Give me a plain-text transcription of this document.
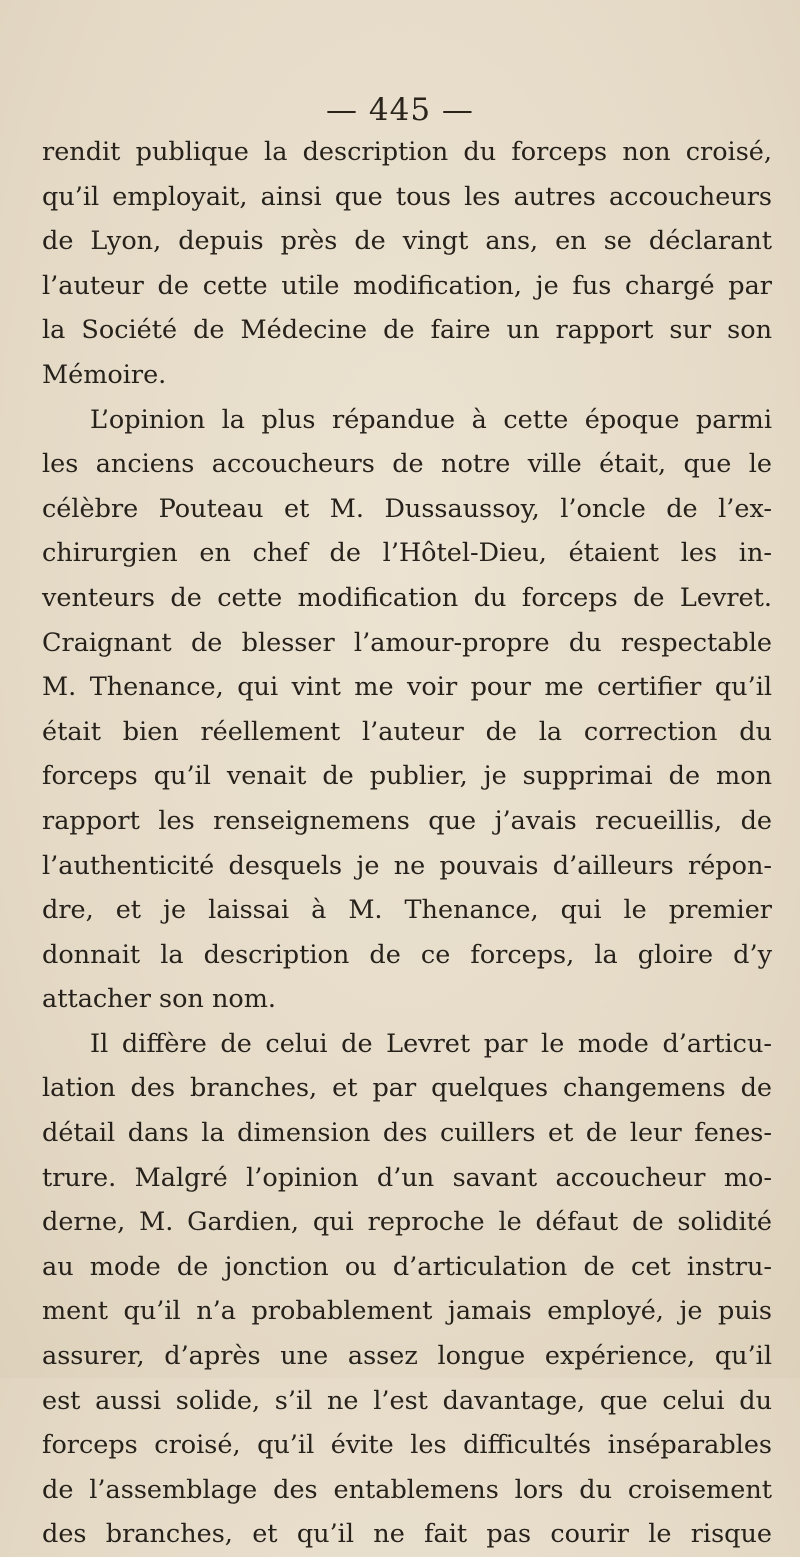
— 445 —
rendit publique la description du forceps non croisé,
qu’il employait, ainsi que tous les autres accoucheurs
de Lyon, depuis près de vingt ans, en se déclarant
l’auteur de cette utile modification, je fus chargé par
la Société de Médecine de faire un rapport sur son
Mémoire.
L’opinion la plus répandue à cette époque parmi
les anciens accoucheurs de notre ville était, que le
célèbre Pouteau et M. Dussaussoy, l’oncle de l’ex-
chirurgien en chef de l’Hôtel-Dieu, étaient les in-
venteurs de cette modification du forceps de Levret.
Craignant de blesser l’amour-propre du respectable
M. Thenance, qui vint me voir pour me certifier qu’il
était bien réellement l’auteur de la correction du
forceps qu’il venait de publier, je supprimai de mon
rapport les renseignemens que j’avais recueillis, de
l’authenticité desquels je ne pouvais d’ailleurs répon-
dre, et je laissai à M. Thenance, qui le premier
donnait la description de ce forceps, la gloire d’y
attacher son nom.
Il diffère de celui de Levret par le mode d’articu-
lation des branches, et par quelques changemens de
détail dans la dimension des cuillers et de leur fenes-
trure. Malgré l’opinion d’un savant accoucheur mo-
derne, M. Gardien, qui reproche le défaut de solidité
au mode de jonction ou d’articulation de cet instru-
ment qu’il n’a probablement jamais employé, je puis
assurer, d’après une assez longue expérience, qu’il
est aussi solide, s’il ne l’est davantage, que celui du
forceps croisé, qu’il évite les difficultés inséparables
de l’assemblage des entablemens lors du croisement
des branches, et qu’il ne fait pas courir le risque
